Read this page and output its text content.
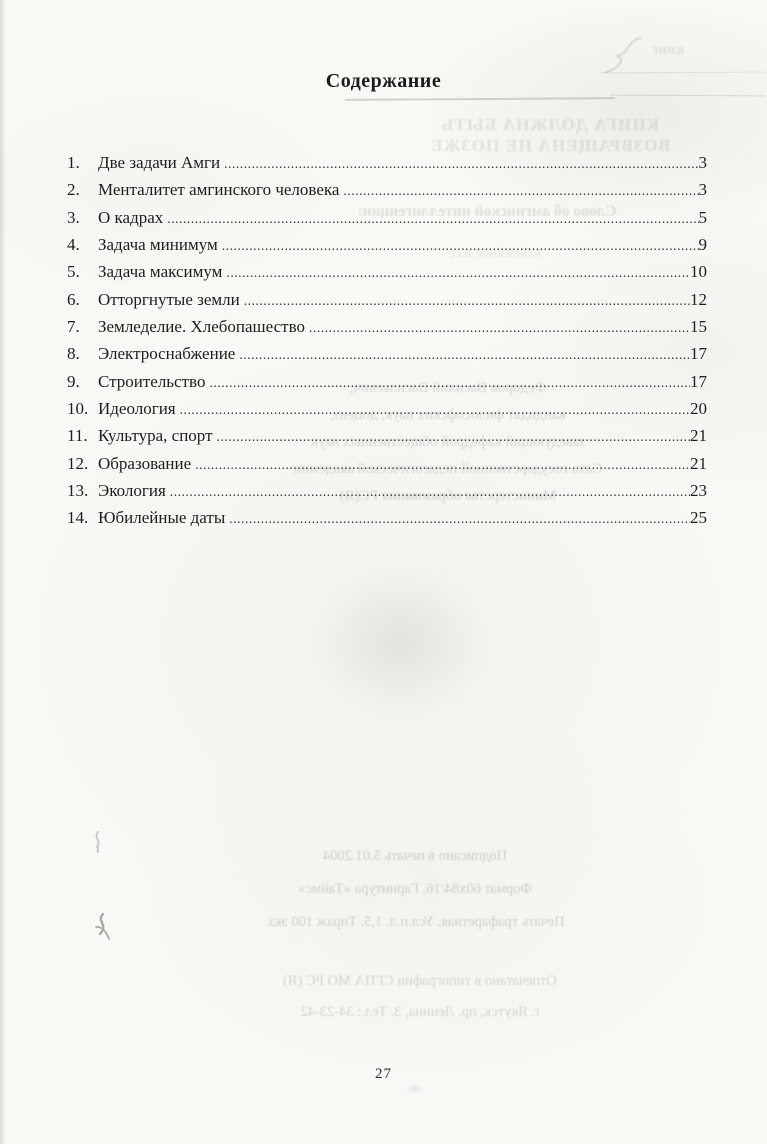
книг
КНИГА ДОЛЖНА БЫТЬ
ВОЗВРАЩЕНА НЕ ПОЗЖЕ
Слово об амгинской интеллигенции:
юбилейное эссе
Федоров Василий Васильевич,
кандидат философских наук, доцент,
заведующий кафедрой общественных наук
Саха государственной педагогической академии
Министерства образования РС(Я)
Подписано в печать 5.01.2004
Формат 60х84/16. Гарнитура «Таймс»
Печать трафаретная. Усл.п.л. 1,5. Тираж 100 экз.
Отпечатано в типографии СГПА МО РС (Я)
г. Якутск, пр. Ленина, 3. Тел.: 34-23-42
Содержание
1.	Две задачи Амги .....	3
2.	Менталитет амгинского человека .....	3
3.	О кадрах .....	5
4.	Задача минимум .....	9
5.	Задача максимум .....	10
6.	Отторгнутые земли .....	12
7.	Земледелие. Хлебопашество .....	15
8.	Электроснабжение .....	17
9.	Строительство .....	17
10. Идеология .....	20
11. Культура, спорт .....	21
12. Образование .....	21
13. Экология .....	23
14. Юбилейные даты .....	25
27
